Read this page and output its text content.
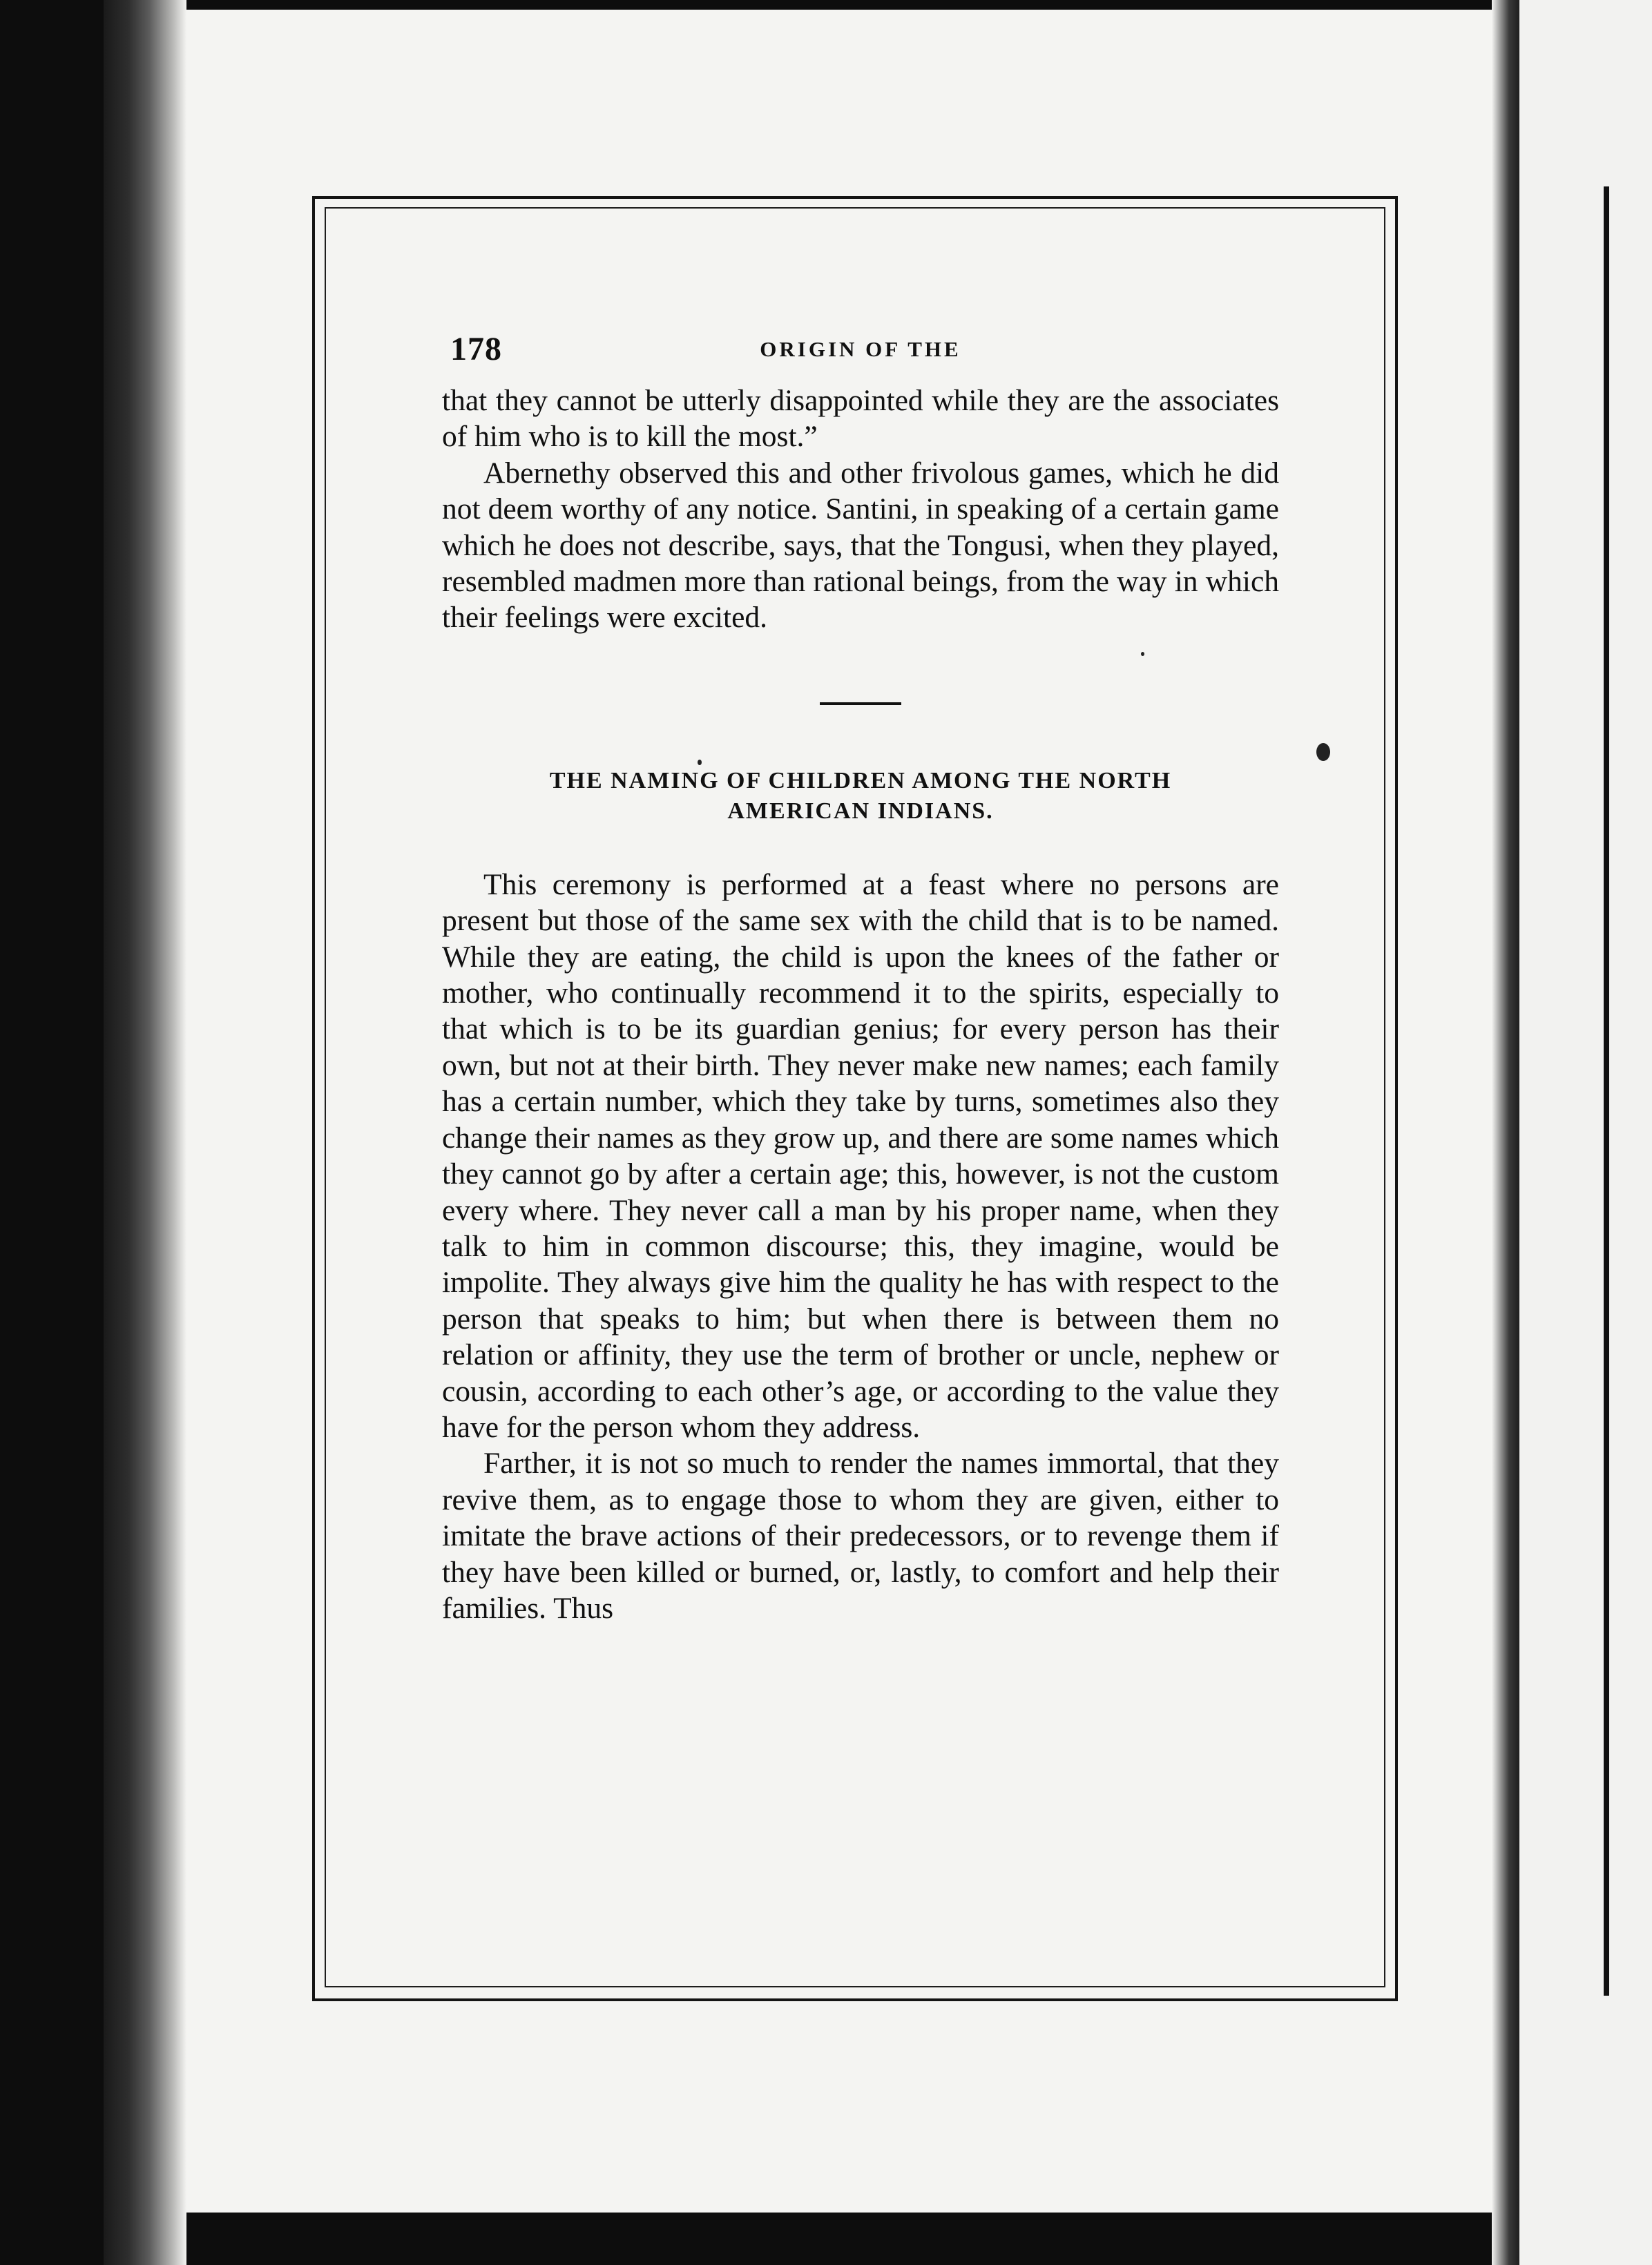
178	ORIGIN OF THE

that they cannot be utterly disappointed while they are the associates of him who is to kill the most.”

Abernethy observed this and other frivolous games, which he did not deem worthy of any notice. Santini, in speaking of a certain game which he does not describe, says, that the Tongusi, when they played, resembled madmen more than rational beings, from the way in which their feelings were excited.

THE NAMING OF CHILDREN AMONG THE NORTH
AMERICAN INDIANS.

This ceremony is performed at a feast where no persons are present but those of the same sex with the child that is to be named. While they are eating, the child is upon the knees of the father or mother, who continually recommend it to the spirits, especially to that which is to be its guardian genius; for every person has their own, but not at their birth. They never make new names; each family has a certain number, which they take by turns, sometimes also they change their names as they grow up, and there are some names which they cannot go by after a certain age; this, however, is not the custom every where. They never call a man by his proper name, when they talk to him in common discourse; this, they imagine, would be impolite. They always give him the quality he has with respect to the person that speaks to him; but when there is between them no relation or affinity, they use the term of brother or uncle, nephew or cousin, according to each other’s age, or according to the value they have for the person whom they address.

Farther, it is not so much to render the names immortal, that they revive them, as to engage those to whom they are given, either to imitate the brave actions of their predecessors, or to revenge them if they have been killed or burned, or, lastly, to comfort and help their families. Thus
